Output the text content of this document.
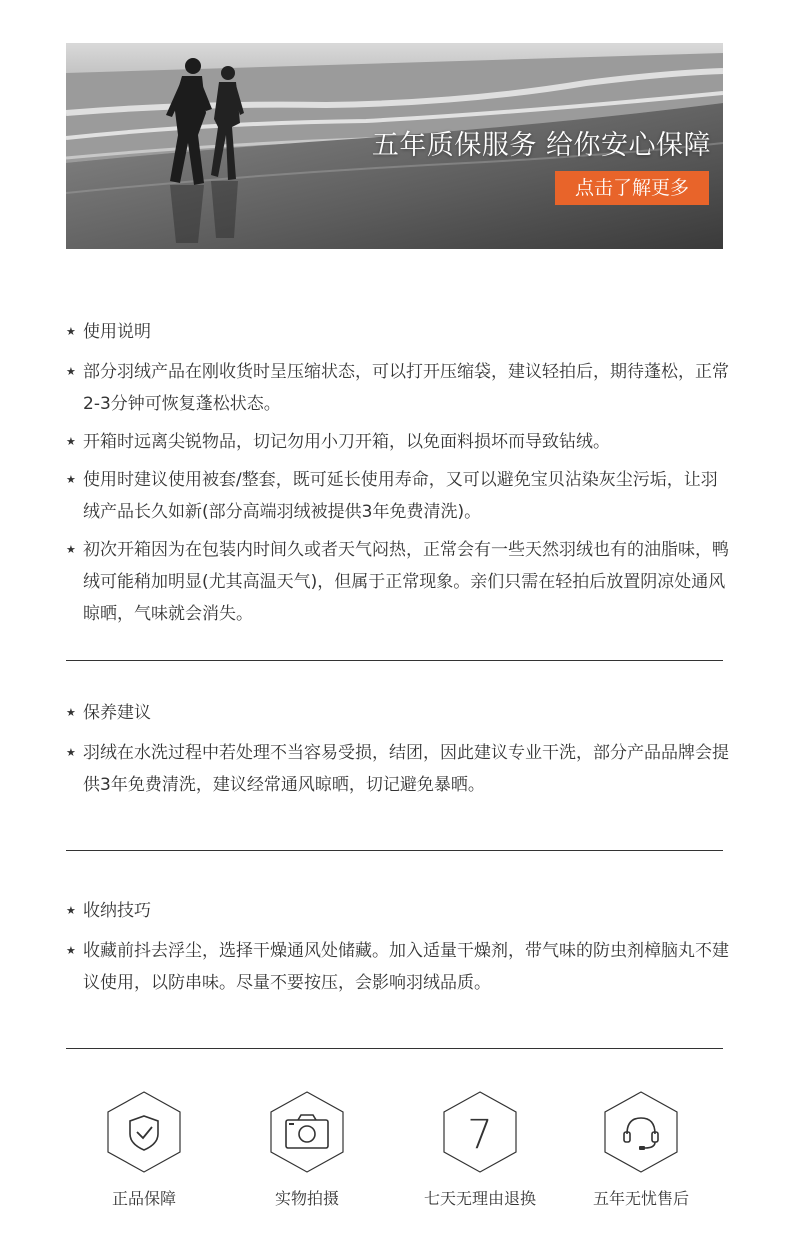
五年质保服务 给你安心保障
点击了解更多

★ 使用说明

★ 部分羽绒产品在刚收货时呈压缩状态，可以打开压缩袋，建议轻拍后，期待蓬松，正常2-3分钟可恢复蓬松状态。

★ 开箱时远离尖锐物品，切记勿用小刀开箱，以免面料损坏而导致钻绒。

★ 使用时建议使用被套/整套，既可延长使用寿命，又可以避免宝贝沾染灰尘污垢，让羽绒产品长久如新(部分高端羽绒被提供3年免费清洗)。

★ 初次开箱因为在包装内时间久或者天气闷热，正常会有一些天然羽绒也有的油脂味，鸭绒可能稍加明显(尤其高温天气)，但属于正常现象。亲们只需在轻拍后放置阴凉处通风晾晒，气味就会消失。

★ 保养建议

★ 羽绒在水洗过程中若处理不当容易受损，结团，因此建议专业干洗，部分产品品牌会提供3年免费清洗，建议经常通风晾晒，切记避免暴晒。

★ 收纳技巧

★ 收藏前抖去浮尘，选择干燥通风处储藏。加入适量干燥剂，带气味的防虫剂樟脑丸不建议使用，以防串味。尽量不要按压，会影响羽绒品质。

正品保障	实物拍摄
7
七天无理由退换	五年无忧售后
